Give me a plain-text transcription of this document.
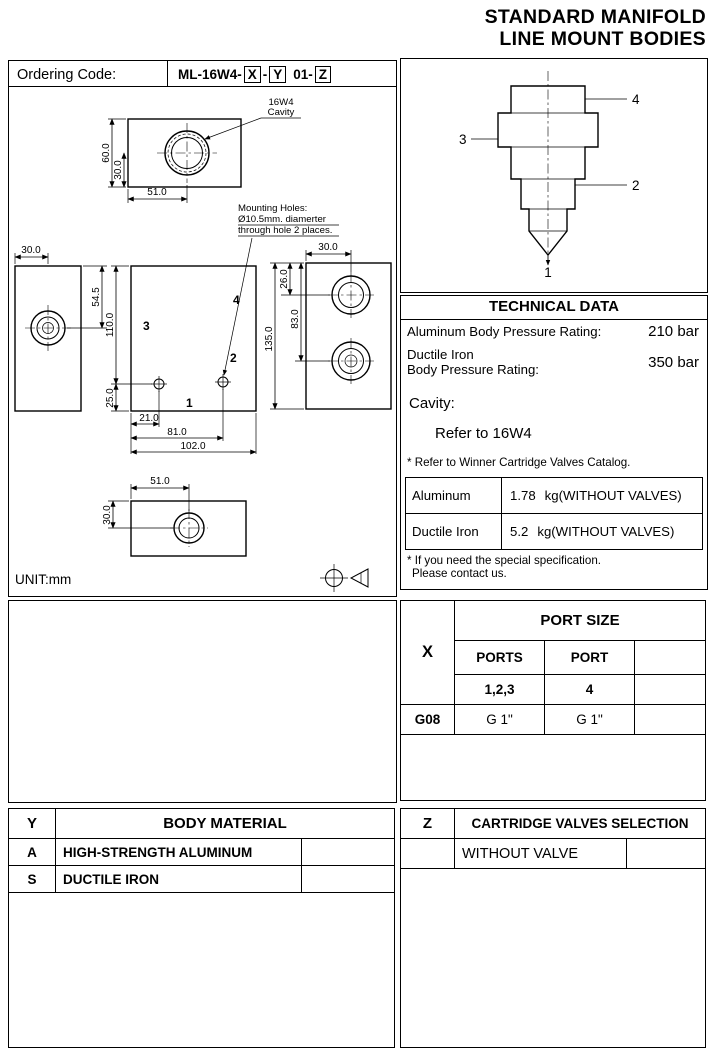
STANDARD MANIFOLD
LINE MOUNT BODIES
Ordering Code:	ML-16W4- X - Y 01- Z
60.0
30.0
51.0
16W4
Cavity
Mounting Holes:
Ø10.5mm. diamerter
through hole 2 places.
3
4
2
1
110.0
25.0
21.0
81.0
102.0
30.0
54.5
30.0
26.0
83.0
135.0
51.0
30.0
UNIT:mm
4
3
2
1
TECHNICAL DATA
Aluminum Body Pressure Rating:	210 bar
Ductile Iron
Body Pressure Rating:	350 bar
Cavity:
Refer to 16W4
* Refer to Winner Cartridge Valves Catalog.
Aluminum	1.78 kg(WITHOUT VALVES)
Ductile Iron	5.2 kg(WITHOUT VALVES)
* If you need the special specification.
Please contact us.
X	PORT SIZE		
	PORTS	PORT	
	1,2,3	4	
G08	G 1"	G 1"	

Y	BODY MATERIAL	
A	HIGH-STRENGTH ALUMINUM	
S	DUCTILE IRON	

Z	CARTRIDGE VALVES SELECTION	
	WITHOUT VALVE	
